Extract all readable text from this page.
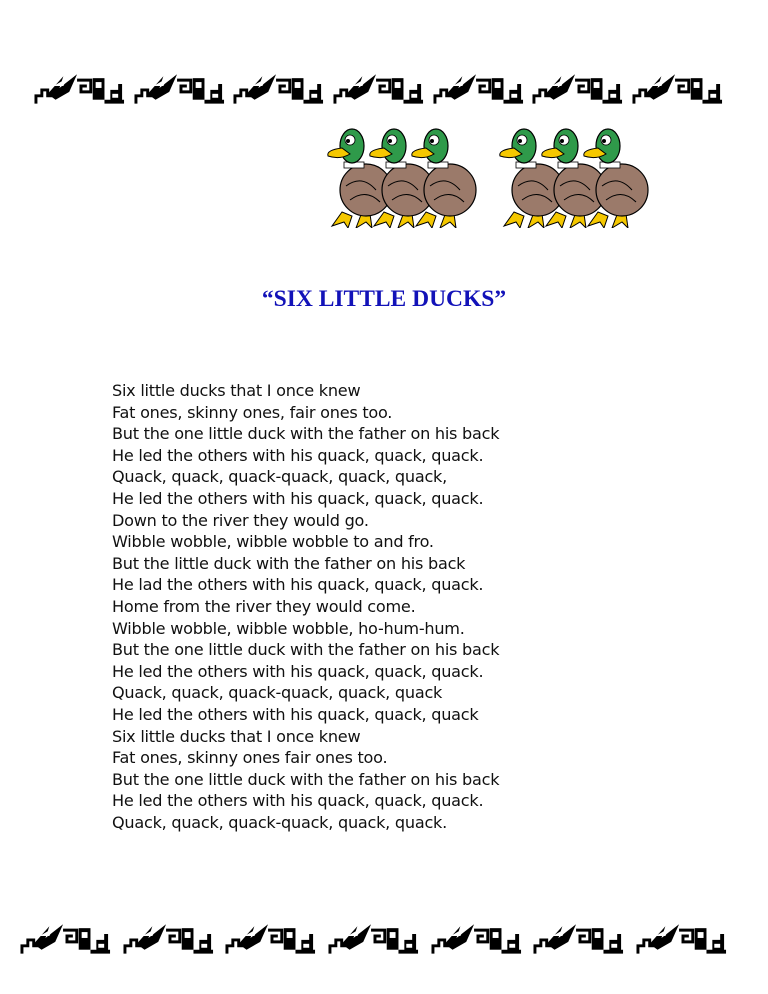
“SIX LITTLE DUCKS”
Six little ducks that I once knew
Fat ones, skinny ones, fair ones too.
But the one little duck with the father on his back
He led the others with his quack, quack, quack.
Quack, quack, quack-quack, quack, quack,
He led the others with his quack, quack, quack.
Down to the river they would go.
Wibble wobble, wibble wobble to and fro.
But the little duck with the father on his back
He lad the others with his quack, quack, quack.
Home from the river they would come.
Wibble wobble, wibble wobble, ho-hum-hum.
But the one little duck with the father on his back
He led the others with his quack, quack, quack.
Quack, quack, quack-quack, quack, quack
He led the others with his quack, quack, quack
Six little ducks that I once knew
Fat ones, skinny ones fair ones too.
But the one little duck with the father on his back
He led the others with his quack, quack, quack.
Quack, quack, quack-quack, quack, quack.
